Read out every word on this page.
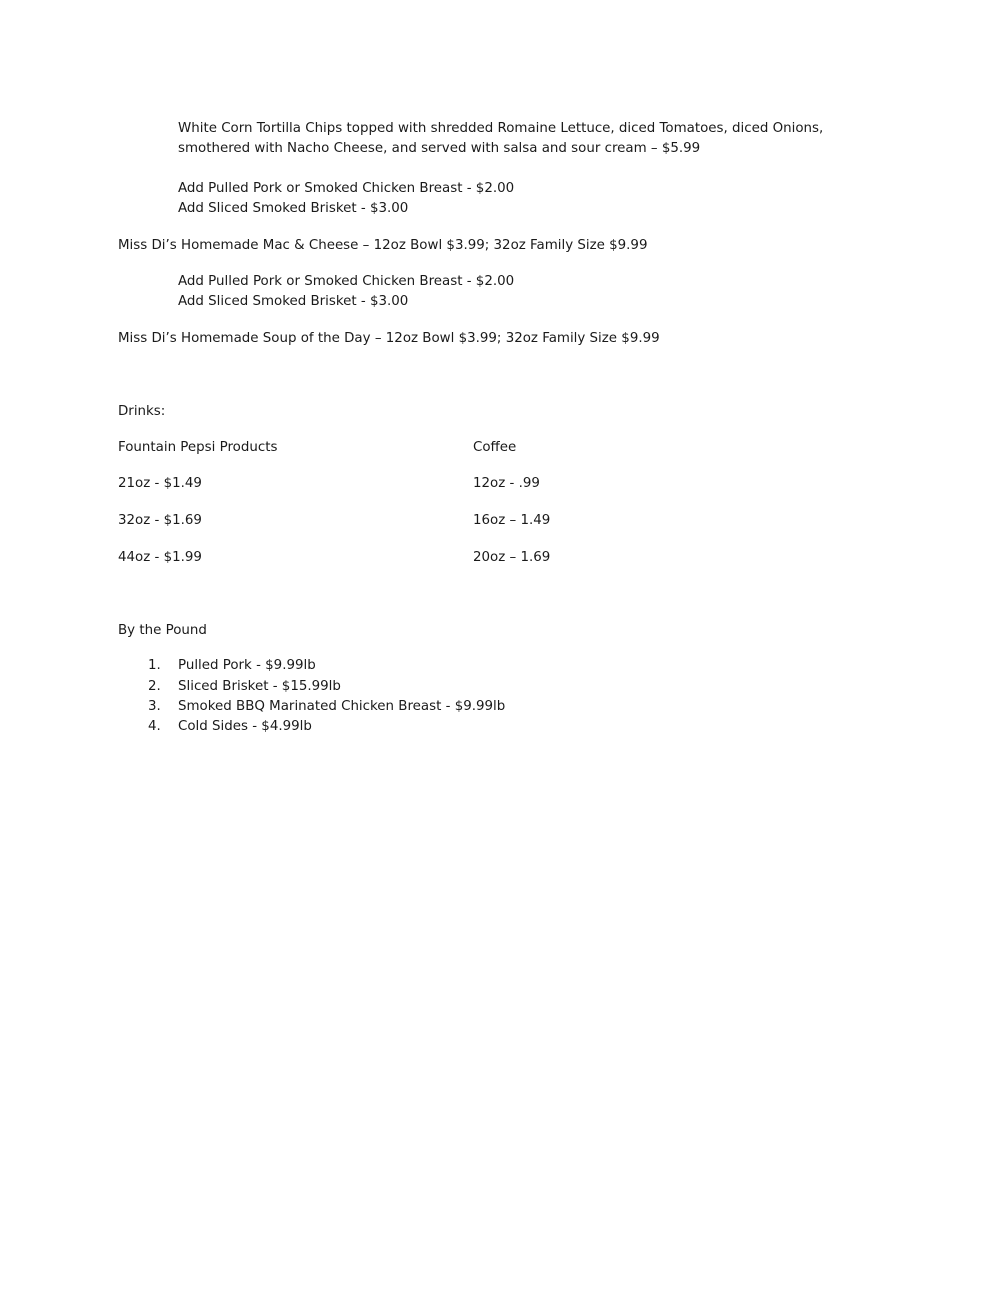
White Corn Tortilla Chips topped with shredded Romaine Lettuce, diced Tomatoes, diced Onions,

smothered with Nacho Cheese, and served with salsa and sour cream – $5.99

Add Pulled Pork or Smoked Chicken Breast - $2.00

Add Sliced Smoked Brisket - $3.00

Miss Di’s Homemade Mac & Cheese – 12oz Bowl $3.99; 32oz Family Size $9.99

Add Pulled Pork or Smoked Chicken Breast - $2.00

Add Sliced Smoked Brisket - $3.00

Miss Di’s Homemade Soup of the Day – 12oz Bowl $3.99; 32oz Family Size $9.99

Drinks:

Fountain Pepsi Products	Coffee

21oz - $1.49	12oz - .99

32oz - $1.69	16oz – 1.49

44oz - $1.99	20oz – 1.69

By the Pound

1. Pulled Pork - $9.99lb
2. Sliced Brisket - $15.99lb
3. Smoked BBQ Marinated Chicken Breast - $9.99lb
4. Cold Sides - $4.99lb
